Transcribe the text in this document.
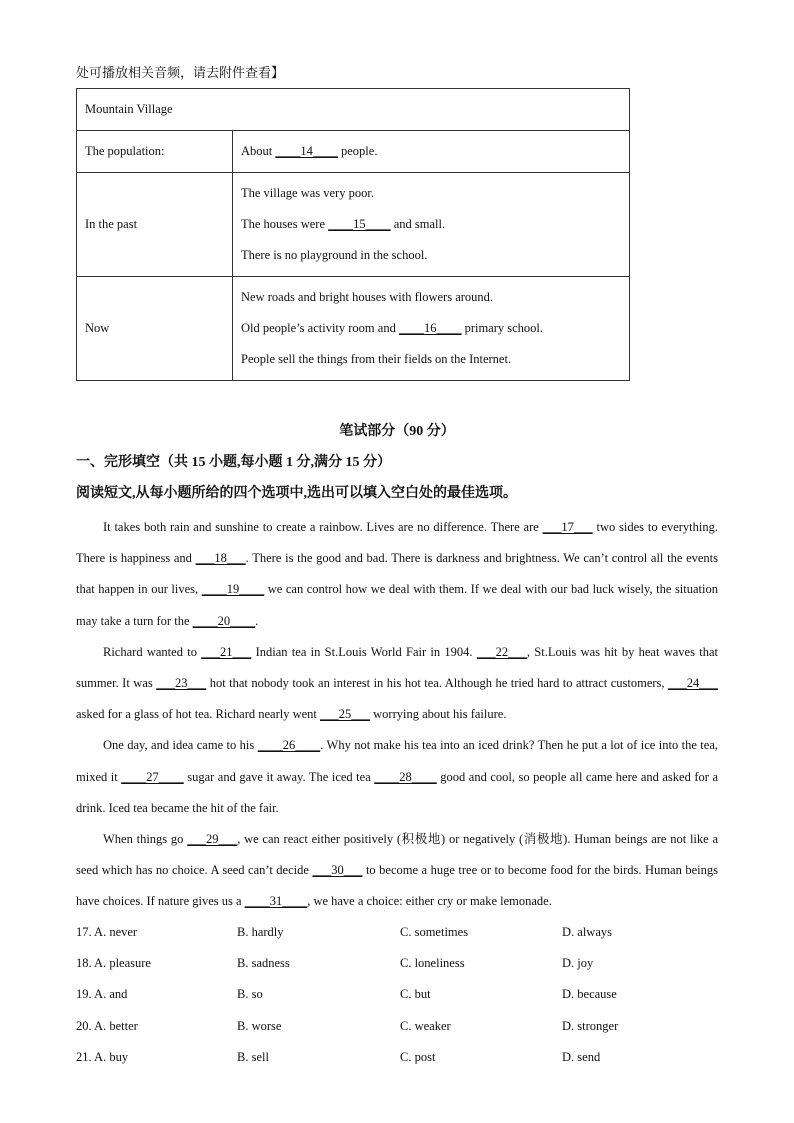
处可播放相关音频，请去附件查看】
Mountain Village	
The population:	About ____14____ people.

In the past	The village was very poor.

The houses were ____15____ and small.

There is no playground in the school.

Now	New roads and bright houses with flowers around.

Old people’s activity room and ____16____ primary school.

People sell the things from their fields on the Internet.

笔试部分（90 分）
一、完形填空（共 15 小题,每小题 1 分,满分 15 分）
阅读短文,从每小题所给的四个选项中,选出可以填入空白处的最佳选项。

It takes both rain and sunshine to create a rainbow. Lives are no difference. There are ___17___ two sides to everything. There is happiness and ___18___. There is the good and bad. There is darkness and brightness. We can’t control all the events that happen in our lives, ____19____ we can control how we deal with them. If we deal with our bad luck wisely, the situation may take a turn for the ____20____.

Richard wanted to ___21___ Indian tea in St.Louis World Fair in 1904. ___22___, St.Louis was hit by heat waves that summer. It was ___23___ hot that nobody took an interest in his hot tea. Although he tried hard to attract customers, ___24___ asked for a glass of hot tea. Richard nearly went ___25___ worrying about his failure.

One day, and idea came to his ____26____. Why not make his tea into an iced drink? Then he put a lot of ice into the tea, mixed it ____27____ sugar and gave it away. The iced tea ____28____ good and cool, so people all came here and asked for a drink. Iced tea became the hit of the fair.

When things go ___29___, we can react either positively (积极地) or negatively (消极地). Human beings are not like a seed which has no choice. A seed can’t decide ___30___ to become a huge tree or to become food for the birds. Human beings have choices. If nature gives us a ____31____, we have a choice: either cry or make lemonade.

17. A. never	B. hardly	C. sometimes	D. always
18. A. pleasure	B. sadness	C. loneliness	D. joy
19. A. and	B. so	C. but	D. because
20. A. better	B. worse	C. weaker	D. stronger
21. A. buy	B. sell	C. post	D. send
